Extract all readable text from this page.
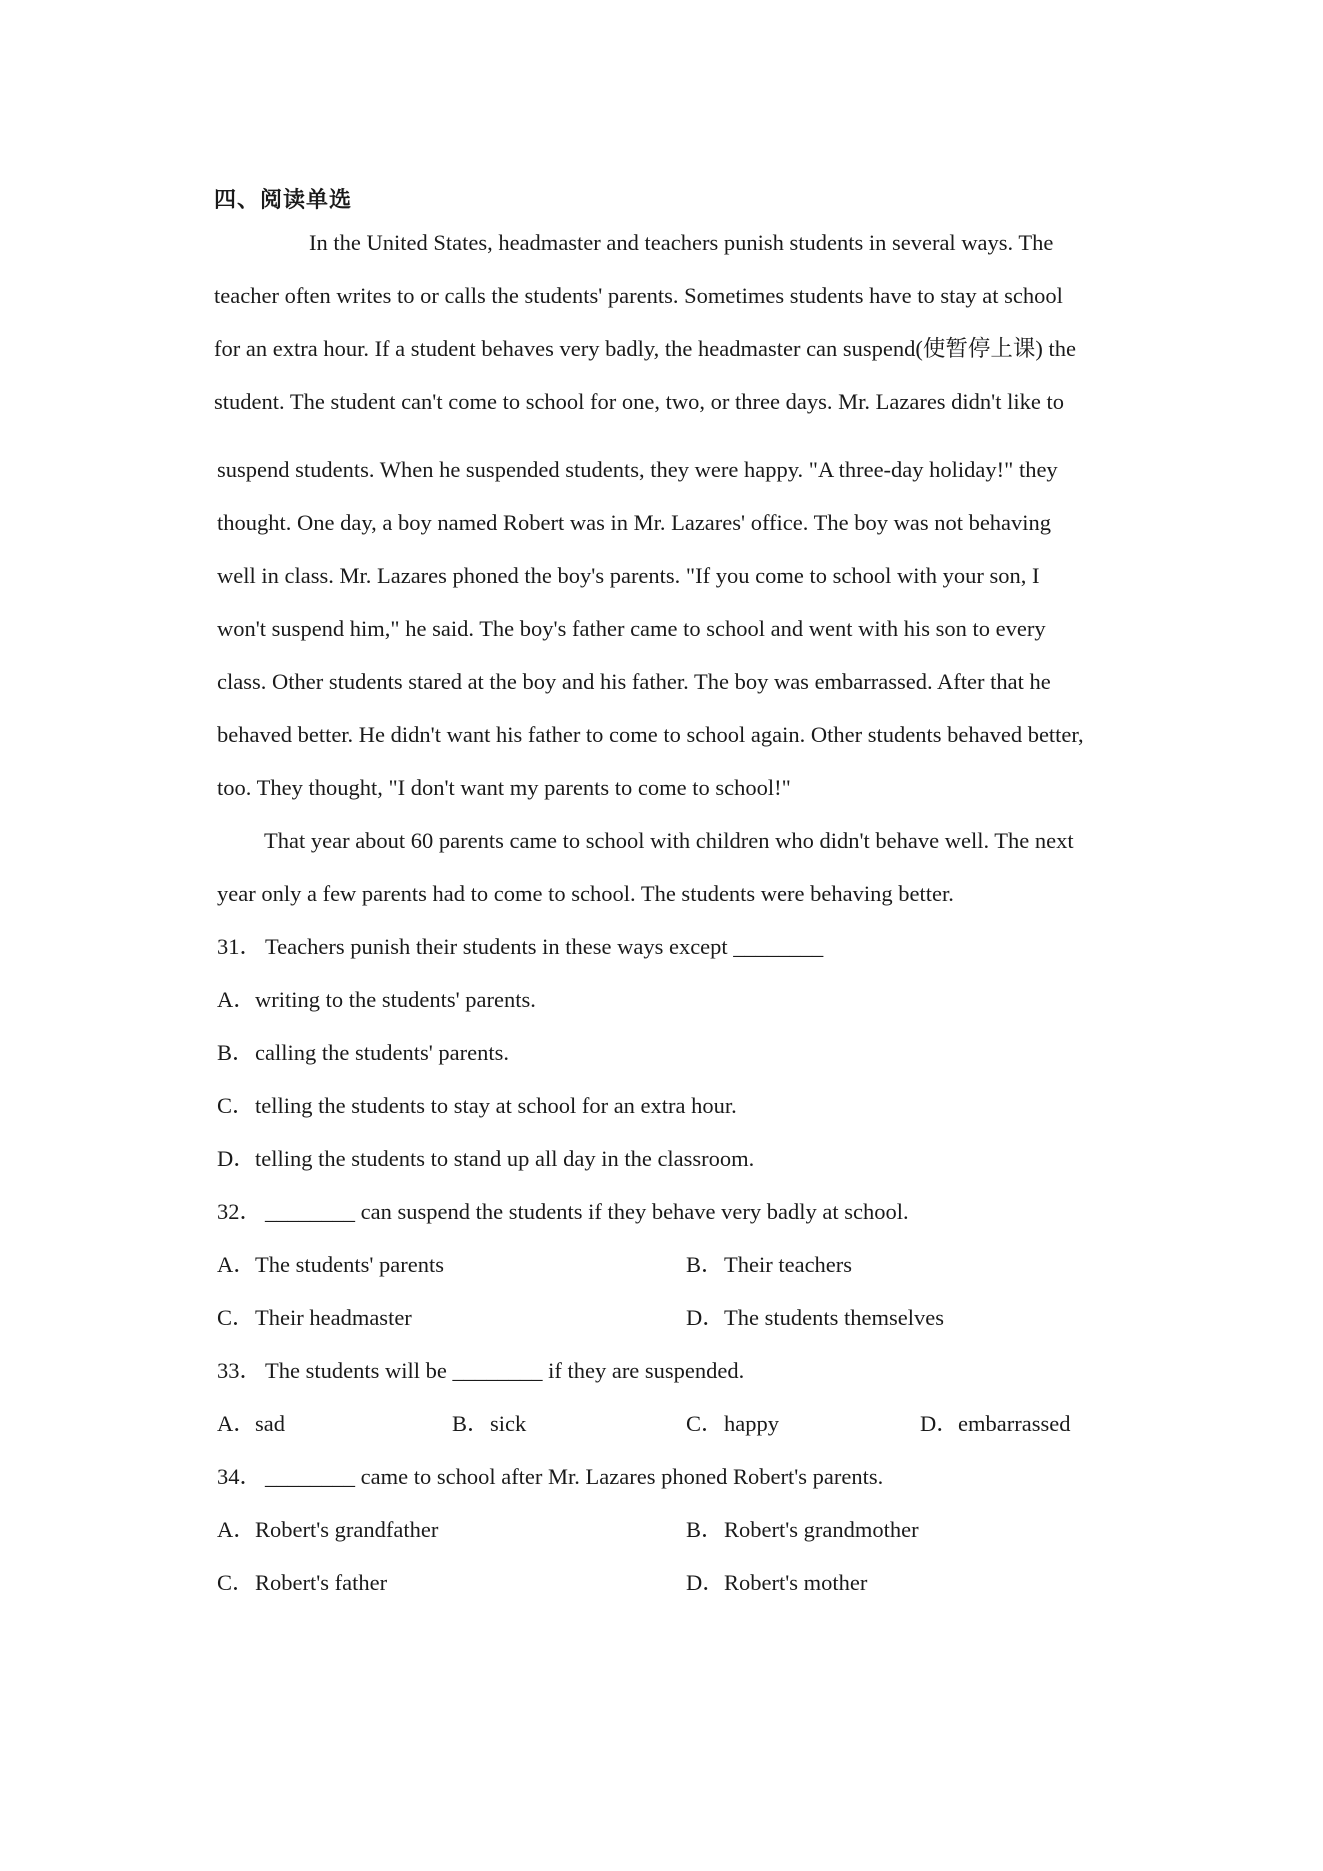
四、阅读单选
In the United States, headmaster and teachers punish students in several ways. The
teacher often writes to or calls the students' parents. Sometimes students have to stay at school
for an extra hour. If a student behaves very badly, the headmaster can suspend(使暂停上课) the
student. The student can't come to school for one, two, or three days. Mr. Lazares didn't like to
suspend students. When he suspended students, they were happy. "A three-day holiday!" they
thought. One day, a boy named Robert was in Mr. Lazares' office. The boy was not behaving
well in class. Mr. Lazares phoned the boy's parents. "If you come to school with your son, I
won't suspend him," he said. The boy's father came to school and went with his son to every
class. Other students stared at the boy and his father. The boy was embarrassed. After that he
behaved better. He didn't want his father to come to school again. Other students behaved better,
too. They thought, "I don't want my parents to come to school!"
That year about 60 parents came to school with children who didn't behave well. The next
year only a few parents had to come to school. The students were behaving better.
31． Teachers punish their students in these ways except ________
A．writing to the students' parents.
B．calling the students' parents.
C．telling the students to stay at school for an extra hour.
D．telling the students to stand up all day in the classroom.
32． ________ can suspend the students if they behave very badly at school.
A．The students' parents	B．Their teachers
C．Their headmaster	D．The students themselves
33． The students will be ________ if they are suspended.
A．sad	B．sick	C．happy	D．embarrassed
34． ________ came to school after Mr. Lazares phoned Robert's parents.
A．Robert's grandfather	B．Robert's grandmother
C．Robert's father	D．Robert's mother
